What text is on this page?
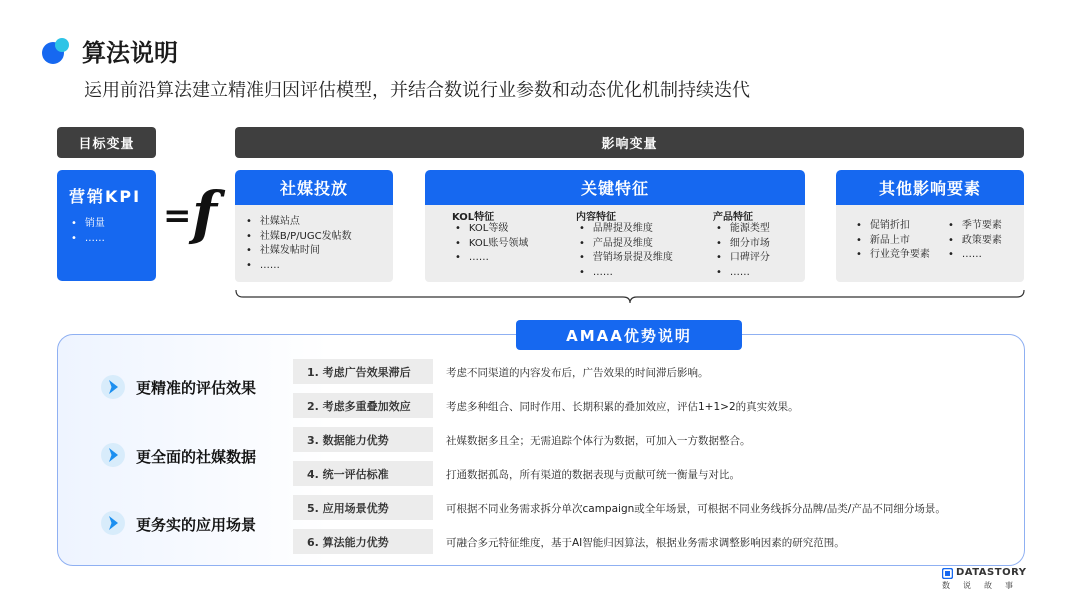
算法说明
运用前沿算法建立精准归因评估模型，并结合数说行业参数和动态优化机制持续迭代
目标变量	影响变量
营销KPI
• 销量
• ……
= f	社媒投放
• 社媒站点
• 社媒B/P/UGC发帖数
• 社媒发帖时间
• ……
关键特征
KOL特征
• KOL等级
• KOL账号领域
• ……
内容特征
• 品牌提及维度
• 产品提及维度
• 营销场景提及维度
• ……
产品特征
• 能源类型
• 细分市场
• 口碑评分
• ……
其他影响要素
• 促销折扣
• 新品上市
• 行业竞争要素
• 季节要素
• 政策要素
• ……
AMAA优势说明
更精准的评估效果
更全面的社媒数据
更务实的应用场景
1. 考虑广告效果滞后	考虑不同渠道的内容发布后，广告效果的时间滞后影响。
2. 考虑多重叠加效应	考虑多种组合、同时作用、长期积累的叠加效应，评估1+1>2的真实效果。
3. 数据能力优势	社媒数据多且全；无需追踪个体行为数据，可加入一方数据整合。
4. 统一评估标准	打通数据孤岛，所有渠道的数据表现与贡献可统一衡量与对比。
5. 应用场景优势	可根据不同业务需求拆分单次campaign或全年场景，可根据不同业务线拆分品牌/品类/产品不同细分场景。
6. 算法能力优势	可融合多元特征维度，基于AI智能归因算法，根据业务需求调整影响因素的研究范围。
DATASTORY
数说故事
